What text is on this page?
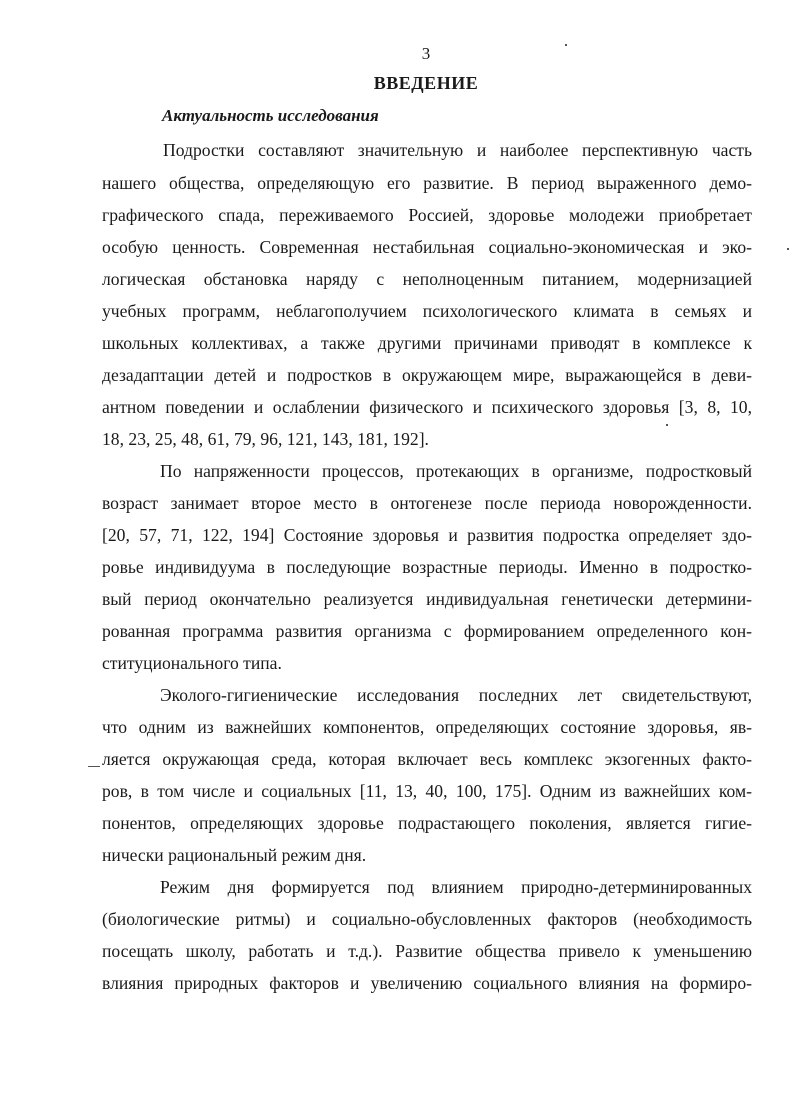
3
ВВЕДЕНИЕ
Актуальность исследования
Подростки составляют значительную и наиболее перспективную часть
нашего общества, определяющую его развитие. В период выраженного демо-
графического спада, переживаемого Россией, здоровье молодежи приобретает
особую ценность. Современная нестабильная социально-экономическая и эко-
логическая обстановка наряду с неполноценным питанием, модернизацией
учебных программ, неблагополучием психологического климата в семьях и
школьных коллективах, а также другими причинами приводят в комплексе к
дезадаптации детей и подростков в окружающем мире, выражающейся в деви-
антном поведении и ослаблении физического и психического здоровья [3, 8, 10,
18, 23, 25, 48, 61, 79, 96, 121, 143, 181, 192].
По напряженности процессов, протекающих в организме, подростковый
возраст занимает второе место в онтогенезе после периода новорожденности.
[20, 57, 71, 122, 194] Состояние здоровья и развития подростка определяет здо-
ровье индивидуума в последующие возрастные периоды. Именно в подростко-
вый период окончательно реализуется индивидуальная генетически детермини-
рованная программа развития организма с формированием определенного кон-
ституционального типа.
Эколого-гигиенические исследования последних лет свидетельствуют,
что одним из важнейших компонентов, определяющих состояние здоровья, яв-
ляется окружающая среда, которая включает весь комплекс экзогенных факто-
ров, в том числе и социальных [11, 13, 40, 100, 175]. Одним из важнейших ком-
понентов, определяющих здоровье подрастающего поколения, является гигие-
нически рациональный режим дня.
Режим дня формируется под влиянием природно-детерминированных
(биологические ритмы) и социально-обусловленных факторов (необходимость
посещать школу, работать и т.д.). Развитие общества привело к уменьшению
влияния природных факторов и увеличению социального влияния на формиро-
